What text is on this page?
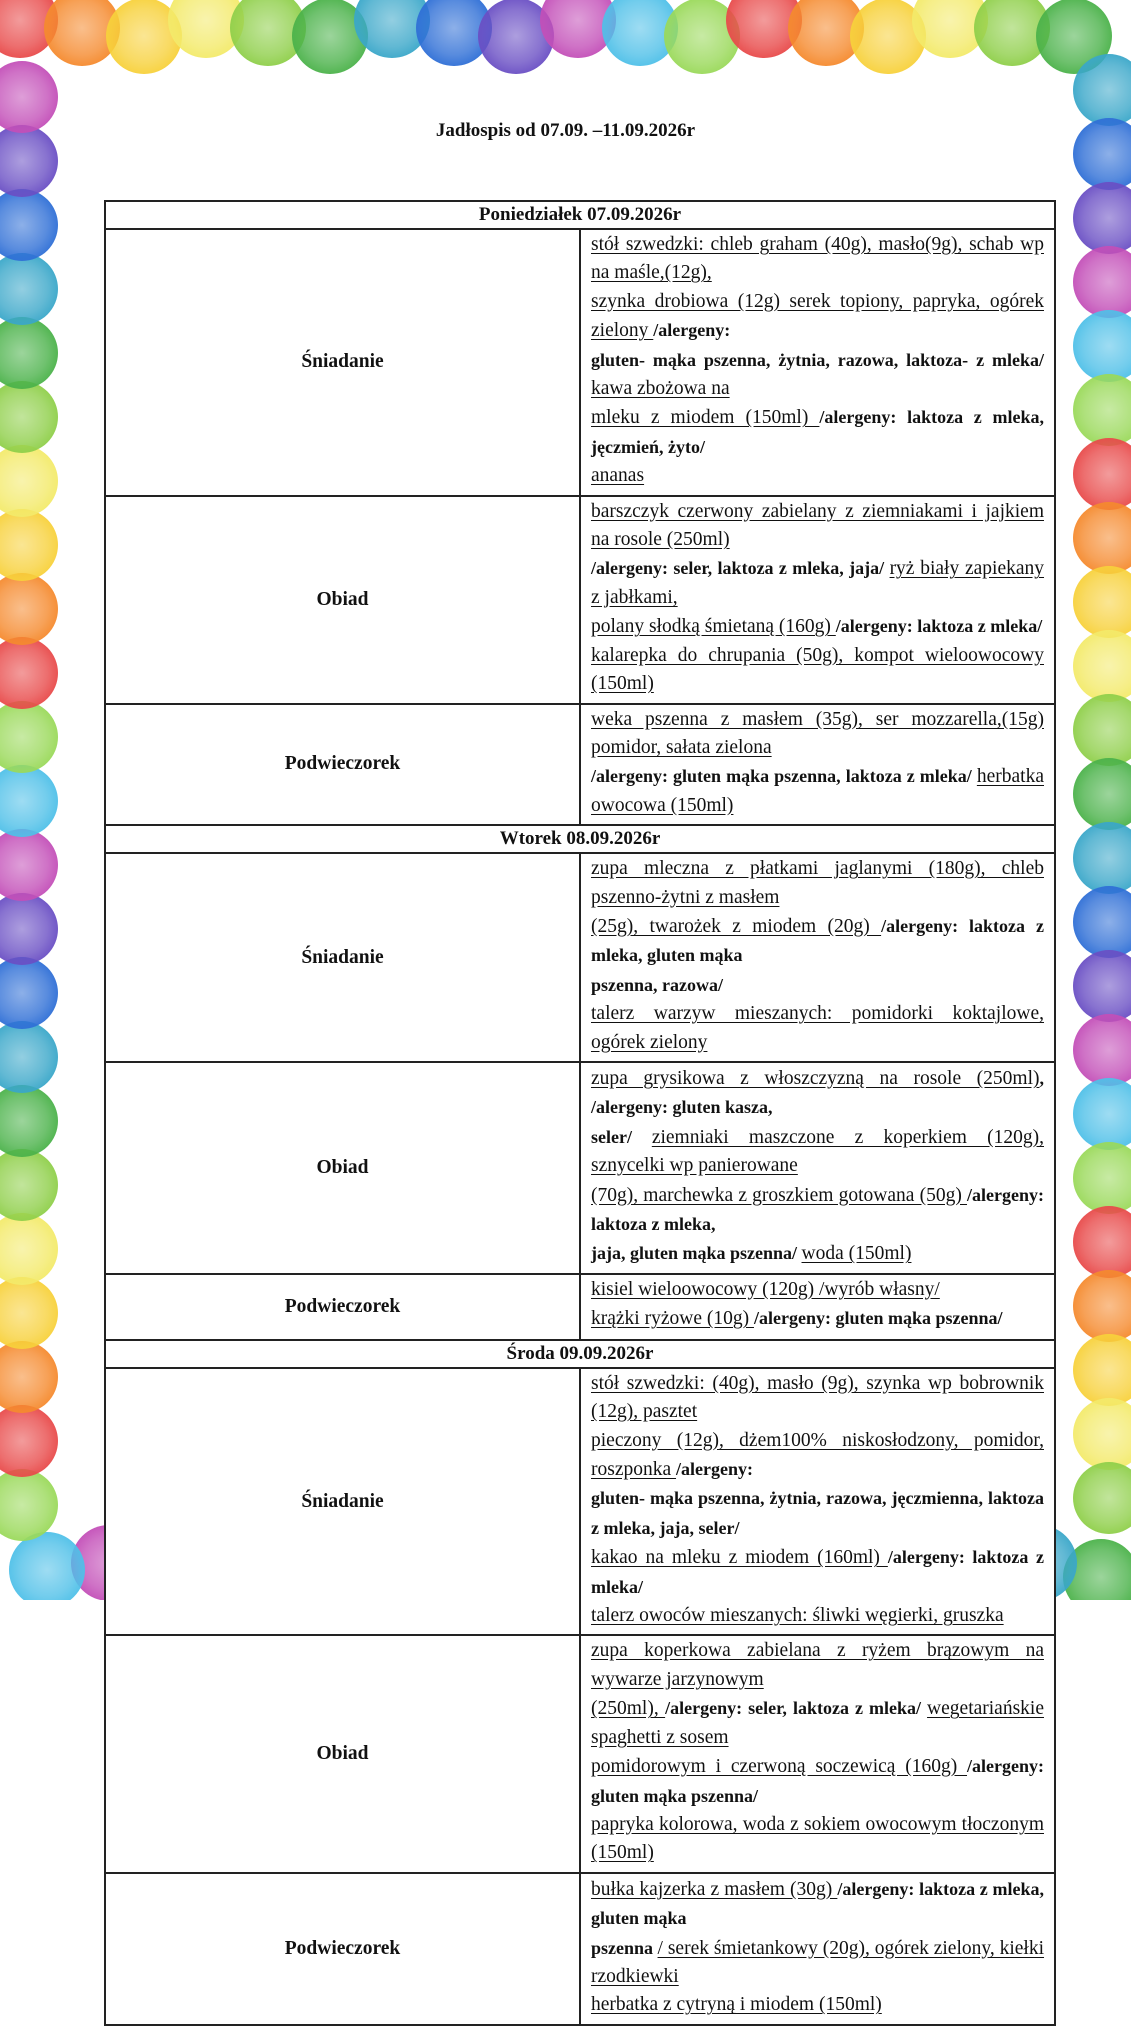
Jadłospis od 07.09. –11.09.2026r
Poniedziałek 07.09.2026r	
Śniadanie	stół szwedzki: chleb graham (40g), masło(9g), schab wp na maśle,(12g),
szynka drobiowa (12g) serek topiony, papryka, ogórek zielony /alergeny:
gluten- mąka pszenna, żytnia, razowa, laktoza- z mleka/ kawa zbożowa na
mleku z miodem (150ml) /alergeny: laktoza z mleka, jęczmień, żyto/
ananas

Obiad	barszczyk czerwony zabielany z ziemniakami i jajkiem na rosole (250ml)
/alergeny: seler, laktoza z mleka, jaja/ ryż biały zapiekany z jabłkami,
polany słodką śmietaną (160g) /alergeny: laktoza z mleka/
kalarepka do chrupania (50g), kompot wieloowocowy (150ml)

Podwieczorek	weka pszenna z masłem (35g), ser mozzarella,(15g) pomidor, sałata zielona
/alergeny: gluten mąka pszenna, laktoza z mleka/ herbatka owocowa (150ml)

Wtorek 08.09.2026r	
Śniadanie	zupa mleczna z płatkami jaglanymi (180g), chleb pszenno-żytni z masłem
(25g), twarożek z miodem (20g) /alergeny: laktoza z mleka, gluten mąka
pszenna, razowa/
talerz warzyw mieszanych: pomidorki koktajlowe, ogórek zielony

Obiad	zupa grysikowa z włoszczyzną na rosole (250ml), /alergeny: gluten kasza,
seler/ ziemniaki maszczone z koperkiem (120g), sznycelki wp panierowane
(70g), marchewka z groszkiem gotowana (50g) /alergeny: laktoza z mleka,
jaja, gluten mąka pszenna/ woda (150ml)

Podwieczorek	kisiel wieloowocowy (120g) /wyrób własny/
krążki ryżowe (10g) /alergeny: gluten mąka pszenna/

Środa 09.09.2026r	
Śniadanie	stół szwedzki: (40g), masło (9g), szynka wp bobrownik (12g), pasztet
pieczony (12g), dżem100% niskosłodzony, pomidor, roszponka /alergeny:
gluten- mąka pszenna, żytnia, razowa, jęczmienna, laktoza z mleka, jaja, seler/
kakao na mleku z miodem (160ml) /alergeny: laktoza z mleka/
talerz owoców mieszanych: śliwki węgierki, gruszka

Obiad	zupa koperkowa zabielana z ryżem brązowym na wywarze jarzynowym
(250ml), /alergeny: seler, laktoza z mleka/ wegetariańskie spaghetti z sosem
pomidorowym i czerwoną soczewicą (160g) /alergeny: gluten mąka pszenna/
papryka kolorowa, woda z sokiem owocowym tłoczonym (150ml)

Podwieczorek	bułka kajzerka z masłem (30g) /alergeny: laktoza z mleka, gluten mąka
pszenna / serek śmietankowy (20g), ogórek zielony, kiełki rzodkiewki
herbatka z cytryną i miodem (150ml)
